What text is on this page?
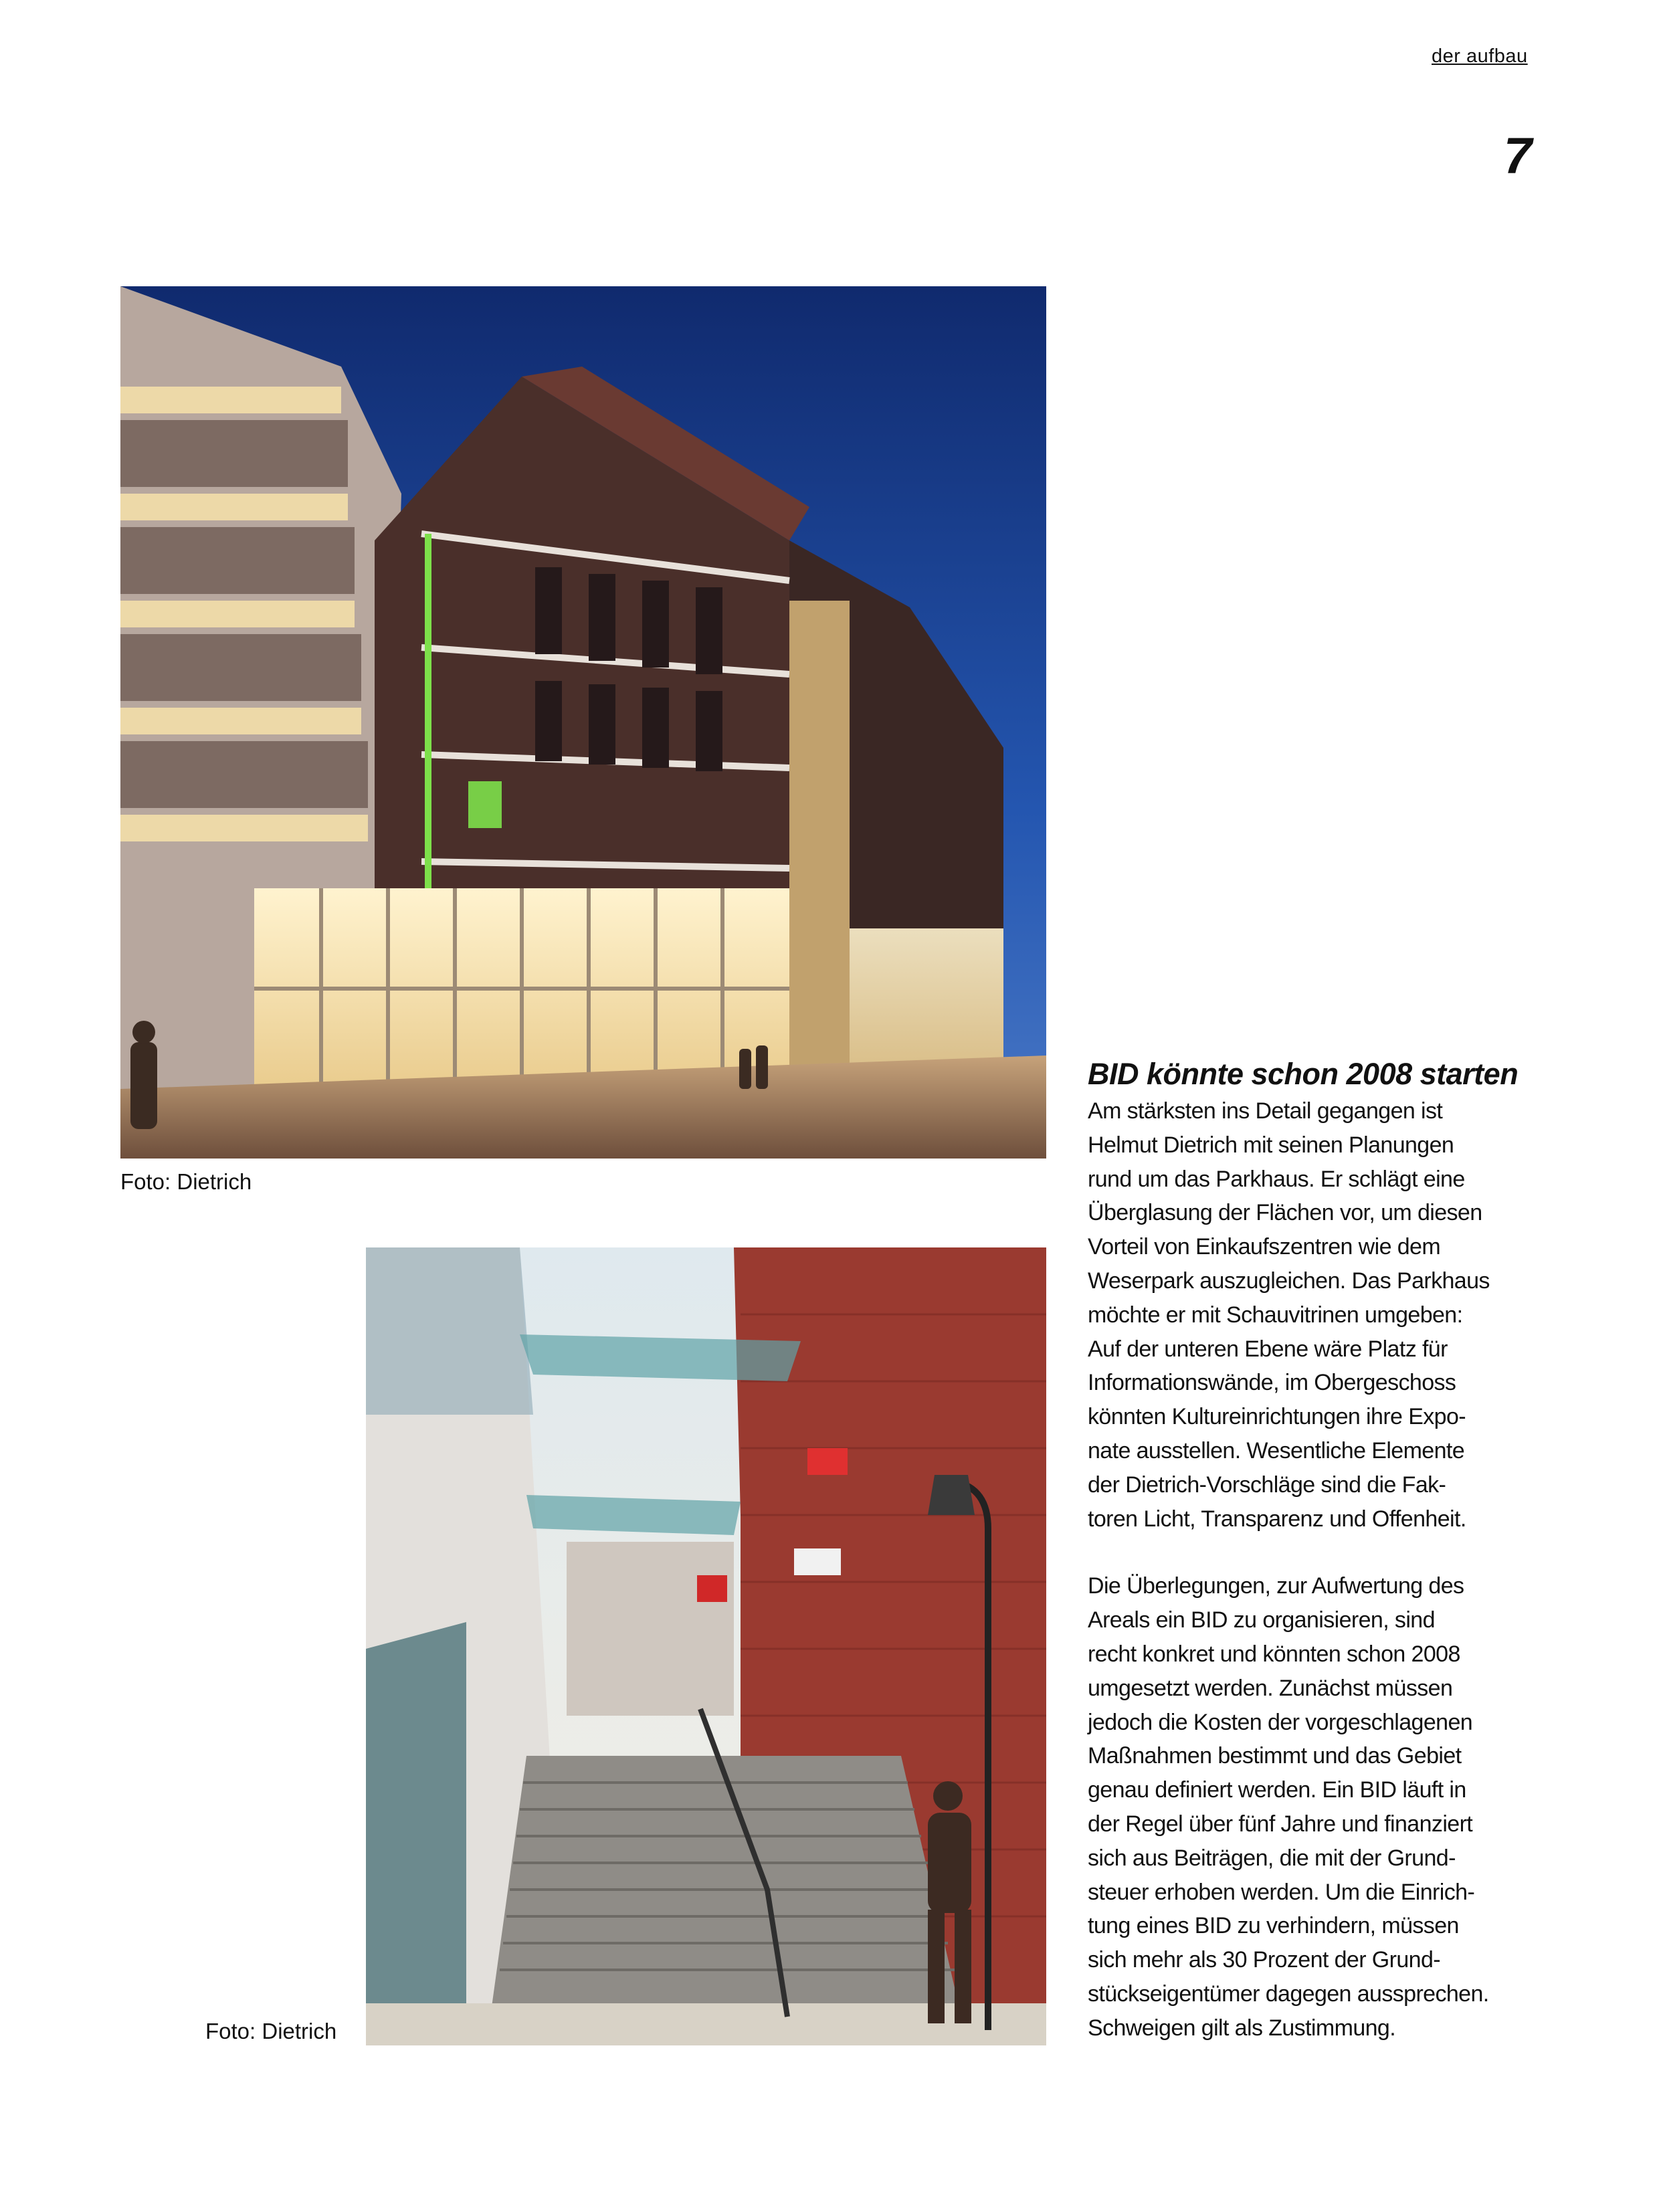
der aufbau
7
Foto: Dietrich
Foto: Dietrich
BID könnte schon 2008 starten

Am stärksten ins Detail gegangen ist
Helmut Dietrich mit seinen Planungen
rund um das Parkhaus. Er schlägt eine
Überglasung der Flächen vor, um diesen
Vorteil von Einkaufszentren wie dem
Weserpark auszugleichen. Das Parkhaus
möchte er mit Schauvitrinen umgeben:
Auf der unteren Ebene wäre Platz für
Informationswände, im Obergeschoss
könnten Kultureinrichtungen ihre Expo-
nate ausstellen. Wesentliche Elemente
der Dietrich-Vorschläge sind die Fak-
toren Licht, Transparenz und Offenheit.

Die Überlegungen, zur Aufwertung des
Areals ein BID zu organisieren, sind
recht konkret und könnten schon 2008
umgesetzt werden. Zunächst müssen
jedoch die Kosten der vorgeschlagenen
Maßnahmen bestimmt und das Gebiet
genau definiert werden. Ein BID läuft in
der Regel über fünf Jahre und finanziert
sich aus Beiträgen, die mit der Grund-
steuer erhoben werden. Um die Einrich-
tung eines BID zu verhindern, müssen
sich mehr als 30 Prozent der Grund-
stückseigentümer dagegen aussprechen.
Schweigen gilt als Zustimmung.
